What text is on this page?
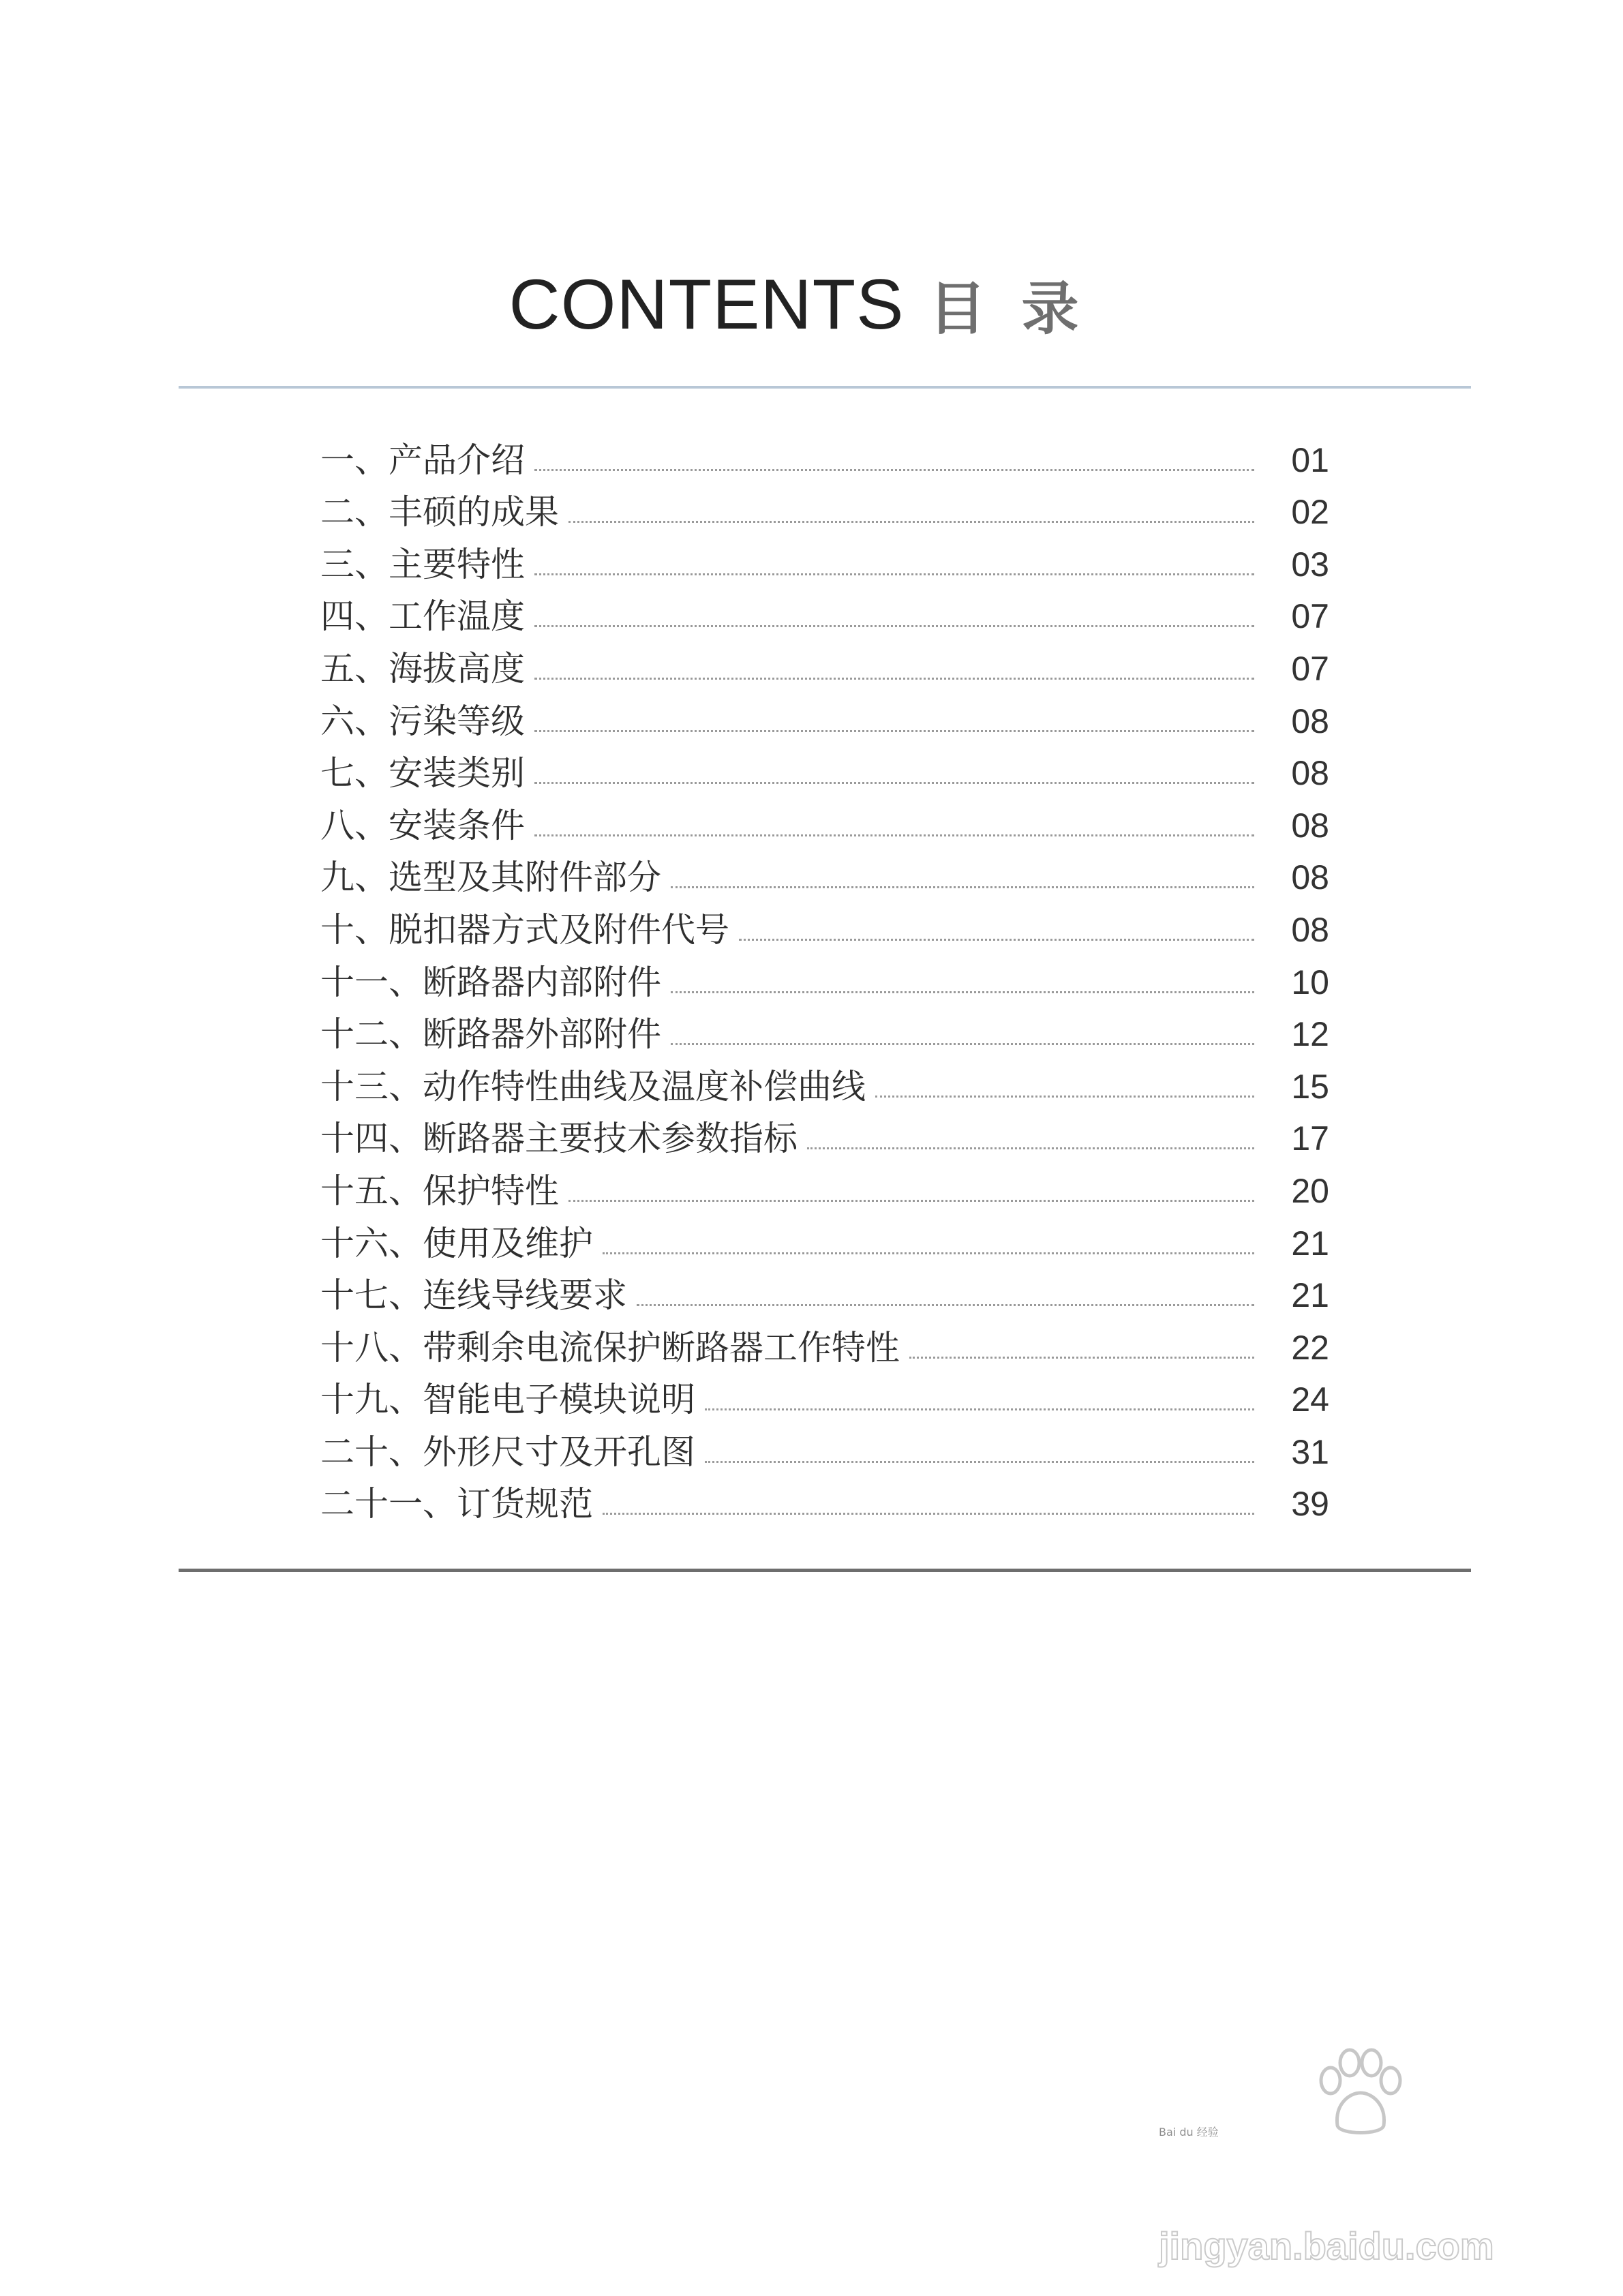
CONTENTS 目录
一、产品介绍	01
二、丰硕的成果	02
三、主要特性	03
四、工作温度	07
五、海拔高度	07
六、污染等级	08
七、安装类别	08
八、安装条件	08
九、选型及其附件部分	08
十、脱扣器方式及附件代号	08
十一、断路器内部附件	10
十二、断路器外部附件	12
十三、动作特性曲线及温度补偿曲线	15
十四、断路器主要技术参数指标	17
十五、保护特性	20
十六、使用及维护	21
十七、连线导线要求	21
十八、带剩余电流保护断路器工作特性	22
十九、智能电子模块说明	24
二十、外形尺寸及开孔图	31
二十一、订货规范	39
Bai du 经验
jingyan.baidu.com
